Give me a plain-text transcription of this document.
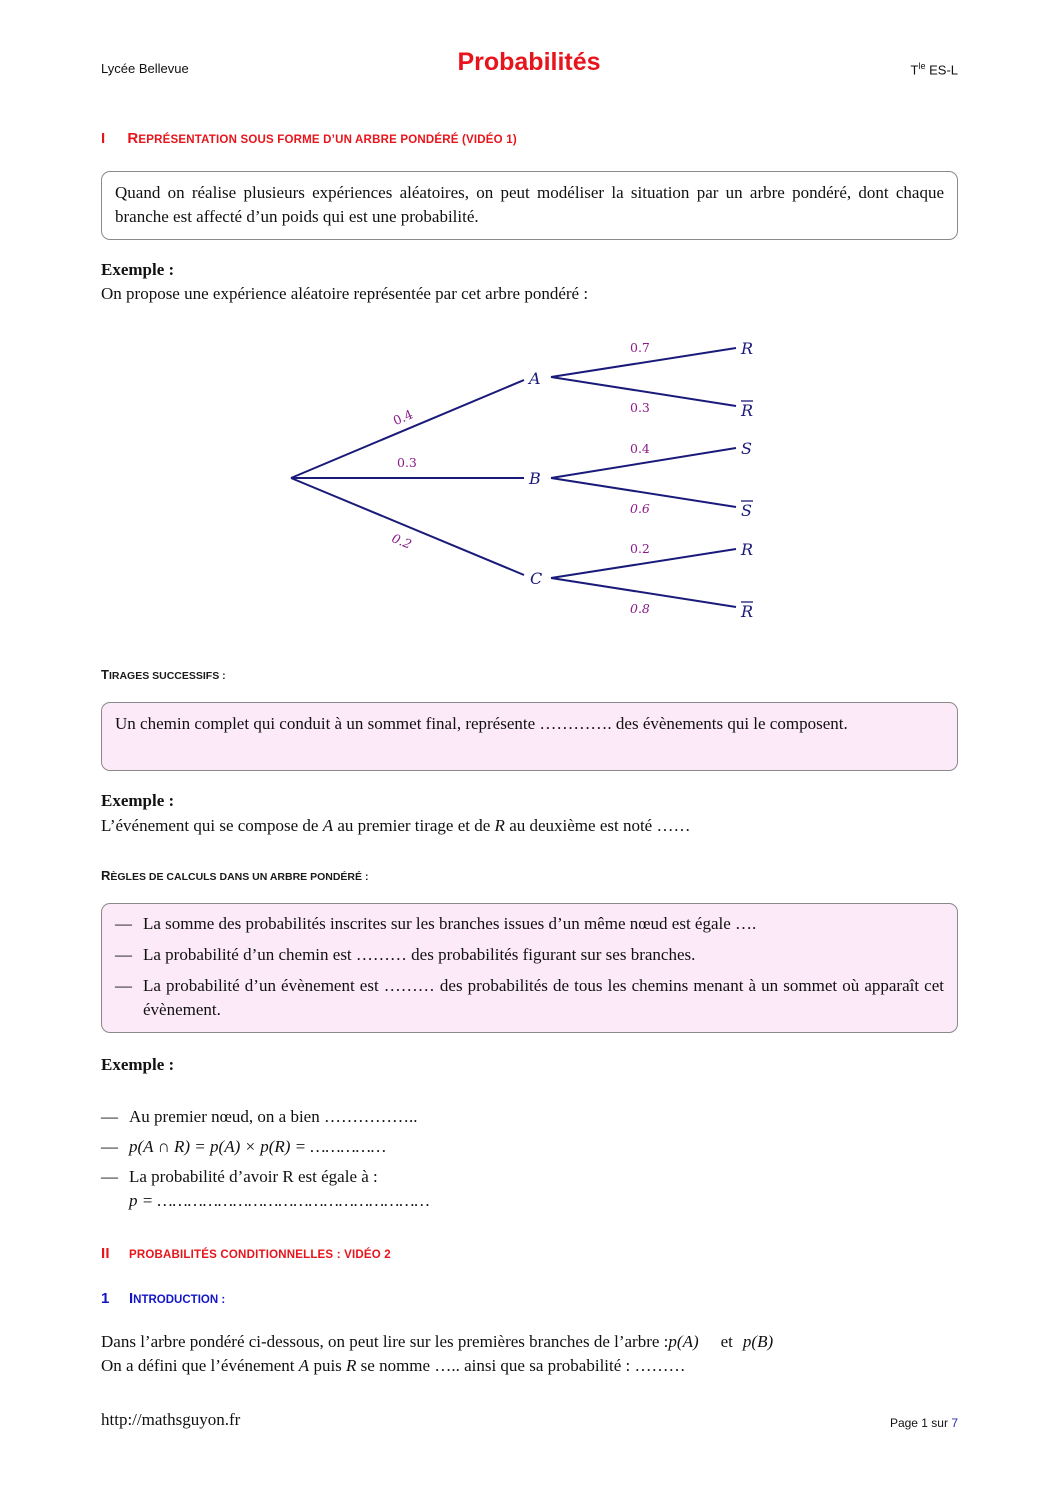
Lycée Bellevue	Probabilités	$T^{le}$ ES-L
I REPRÉSENTATION SOUS FORME D’UN ARBRE PONDÉRÉ (VIDÉO 1)
Quand on réalise plusieurs expériences aléatoires, on peut modéliser la situation par un arbre pondéré, dont chaque branche est affecté d’un poids qui est une probabilité.
Exemple :
On propose une expérience aléatoire représentée par cet arbre pondéré :
A
B
C
R
R
S
S
R
R
0.4
0.3
0.2
0.7
0.3
0.4
0.6
0.2
0.8
TIRAGES SUCCESSIFS :
Un chemin complet qui conduit à un sommet final, représente …………. des évènements qui le composent.
Exemple :
L’événement qui se compose de A au premier tirage et de R au deuxième est noté ……
RÈGLES DE CALCULS DANS UN ARBRE PONDÉRÉ :
— La somme des probabilités inscrites sur les branches issues d’un même nœud est égale ….
— La probabilité d’un chemin est ……… des probabilités figurant sur ses branches.
— La probabilité d’un évènement est ……… des probabilités de tous les chemins menant à un sommet où apparaît cet évènement.
Exemple :
— Au premier nœud, on a bien ……………..
— p(A ∩ R) = p(A) × p(R) = ……………
— La probabilité d’avoir R est égale à :
p = ………………………………………………
II PROBABILITÉS CONDITIONNELLES : VIDÉO 2
1 INTRODUCTION :
Dans l’arbre pondéré ci-dessous, on peut lire sur les premières branches de l’arbre :p(A) et p(B)
On a défini que l’événement A puis R se nomme ….. ainsi que sa probabilité : ………
http://mathsguyon.fr	Page 1 sur 7
